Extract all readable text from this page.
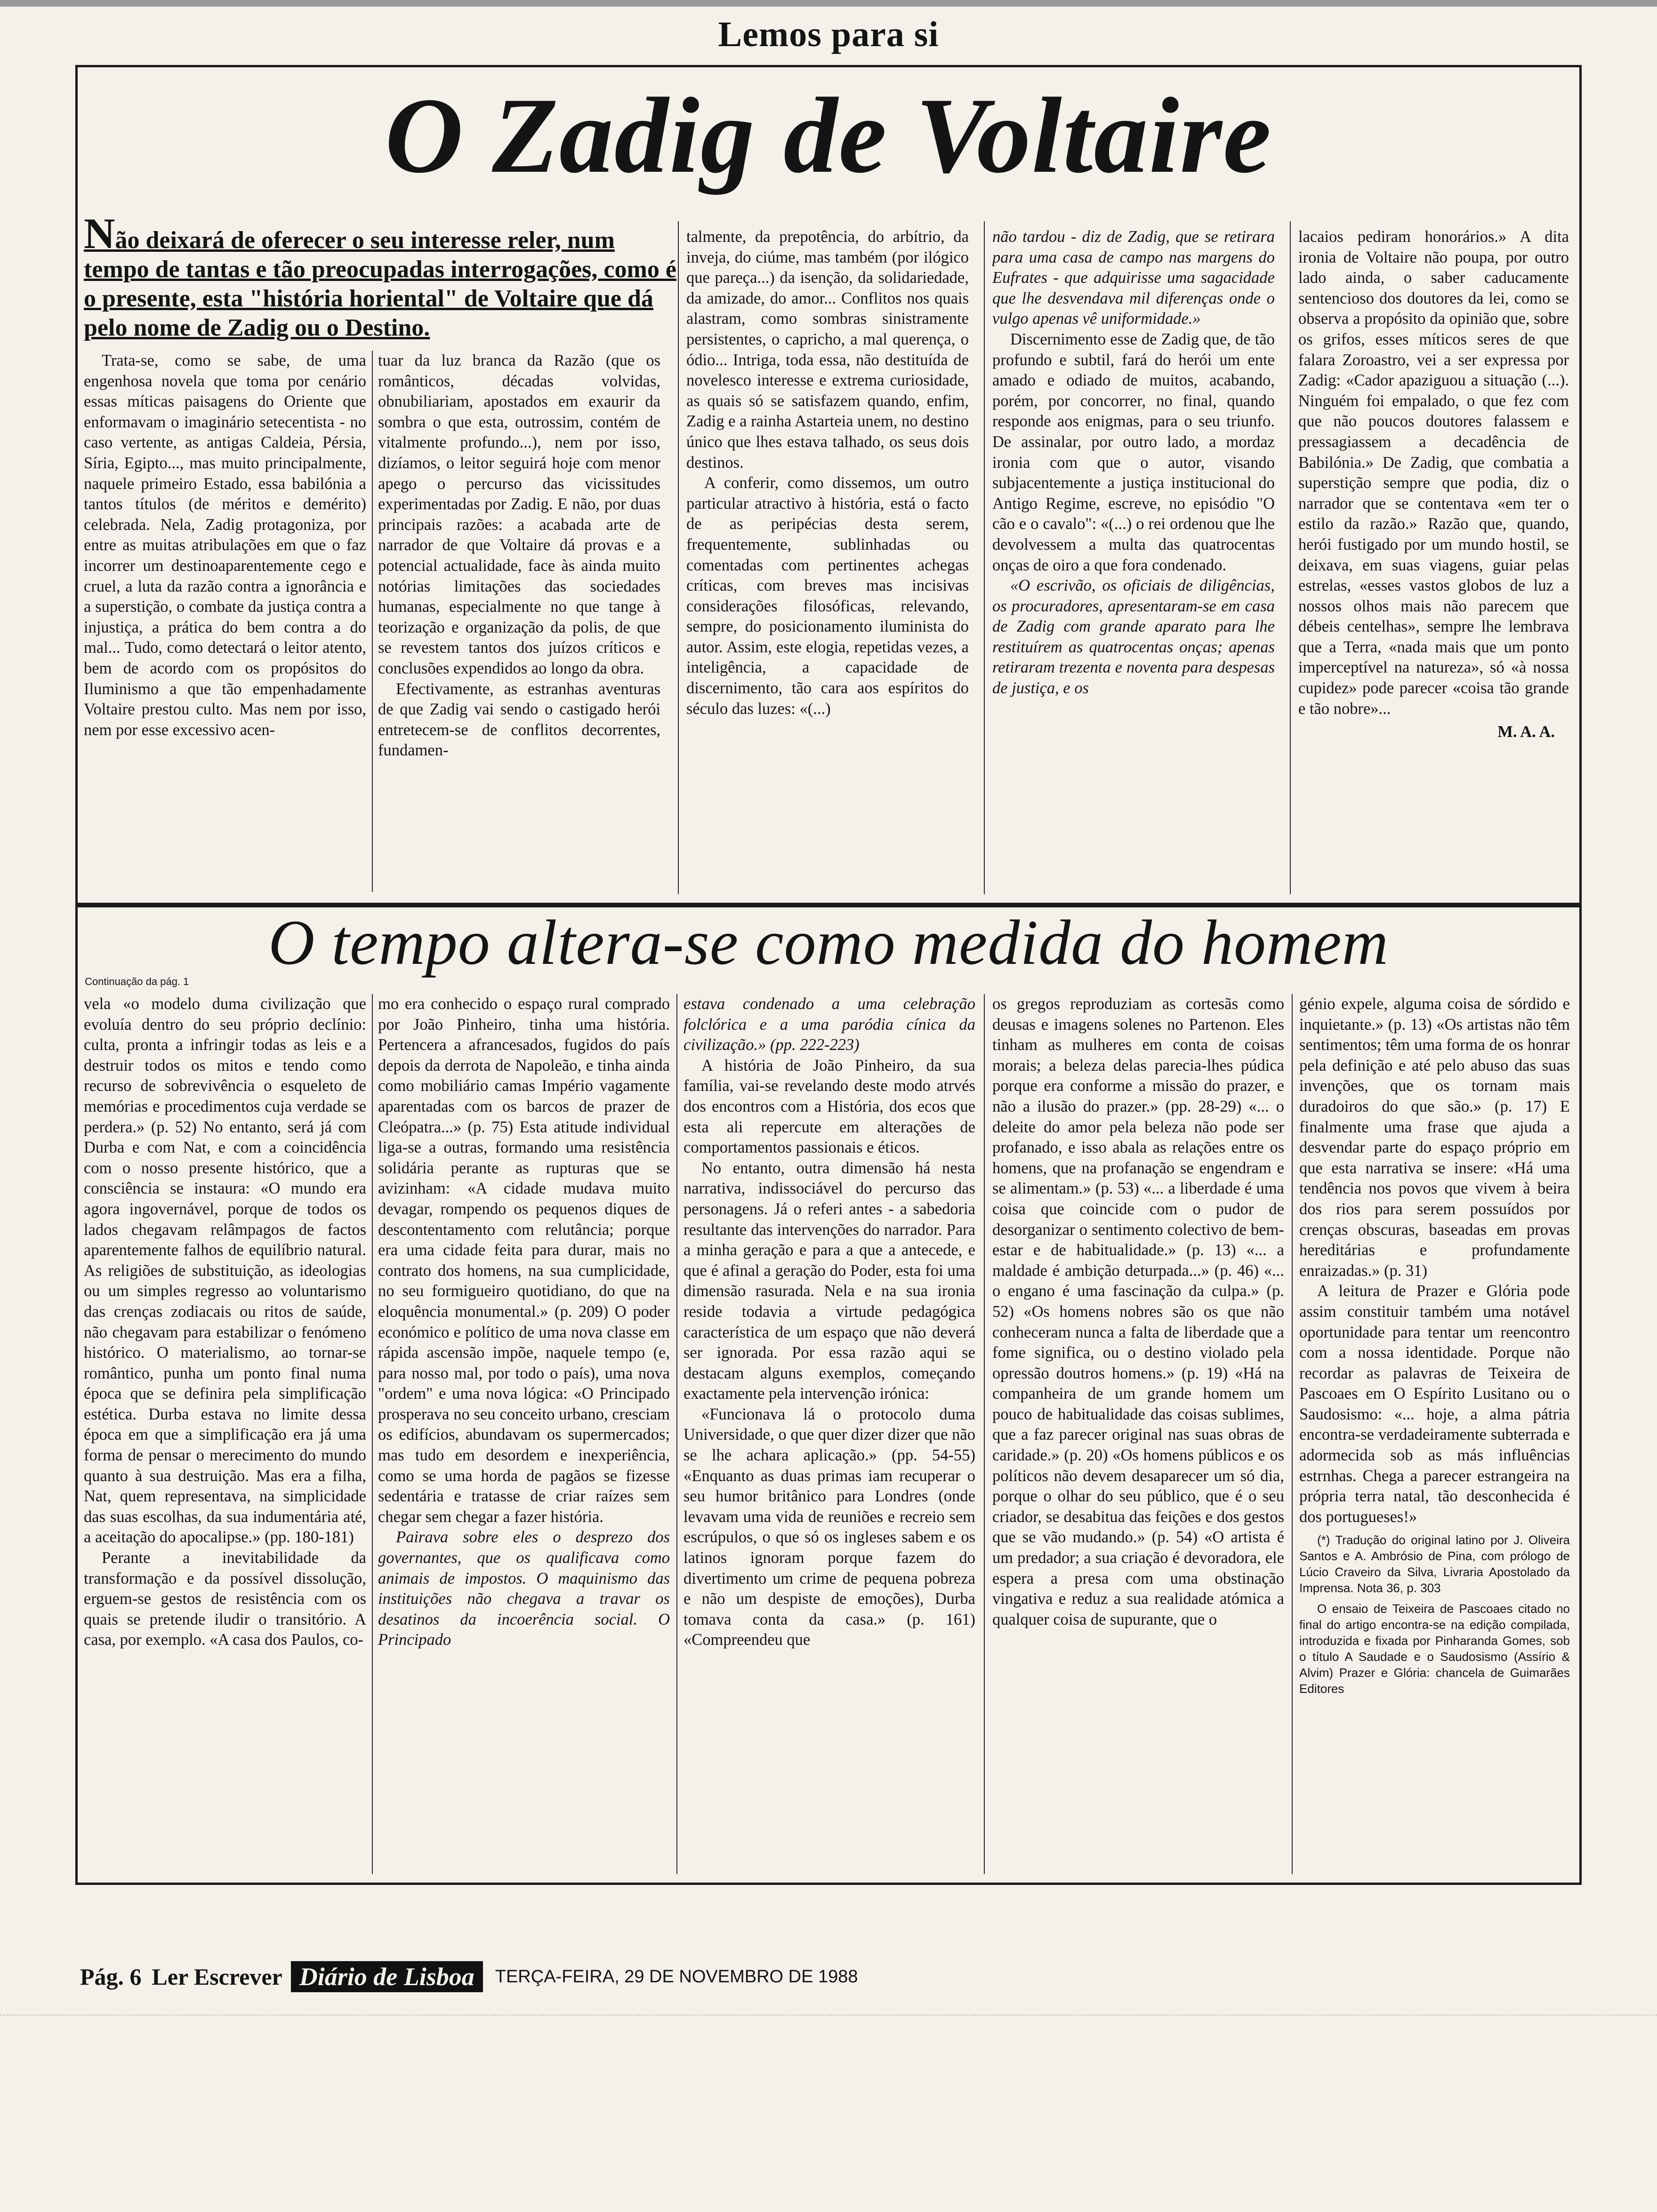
Lemos para si
O Zadig de Voltaire
Não deixará de oferecer o seu interesse reler, num tempo de tantas e tão preocupadas interrogações, como é o presente, esta "história horiental" de Voltaire que dá pelo nome de Zadig ou o Destino.

Trata-se, como se sabe, de uma engenhosa novela que toma por cenário essas míticas paisagens do Oriente que enformavam o imaginário setecentista - no caso vertente, as antigas Caldeia, Pérsia, Síria, Egipto..., mas muito principalmente, naquele primeiro Estado, essa babilónia a tantos títulos (de méritos e demérito) celebrada. Nela, Zadig protagoniza, por entre as muitas atribulações em que o faz incorrer um destinoaparentemente cego e cruel, a luta da razão contra a ignorância e a superstição, o combate da justiça contra a injustiça, a prática do bem contra a do mal... Tudo, como detectará o leitor atento, bem de acordo com os propósitos do Iluminismo a que tão empenhadamente Voltaire prestou culto. Mas nem por isso, nem por esse excessivo acen-

tuar da luz branca da Razão (que os românticos, décadas volvidas, obnubiliariam, apostados em exaurir da sombra o que esta, outrossim, contém de vitalmente profundo...), nem por isso, dizíamos, o leitor seguirá hoje com menor apego o percurso das vicissitudes experimentadas por Zadig. E não, por duas principais razões: a acabada arte de narrador de que Voltaire dá provas e a potencial actualidade, face às ainda muito notórias limitações das sociedades humanas, especialmente no que tange à teorização e organização da polis, de que se revestem tantos dos juízos críticos e conclusões expendidos ao longo da obra.

Efectivamente, as estranhas aventuras de que Zadig vai sendo o castigado herói entretecem-se de conflitos decorrentes, fundamen-

talmente, da prepotência, do arbítrio, da inveja, do ciúme, mas também (por ilógico que pareça...) da isenção, da solidariedade, da amizade, do amor... Conflitos nos quais alastram, como sombras sinistramente persistentes, o capricho, a mal querença, o ódio... Intriga, toda essa, não destituída de novelesco interesse e extrema curiosidade, as quais só se satisfazem quando, enfim, Zadig e a rainha Astarteia unem, no destino único que lhes estava talhado, os seus dois destinos.

A conferir, como dissemos, um outro particular atractivo à história, está o facto de as peripécias desta serem, frequentemente, sublinhadas ou comentadas com pertinentes achegas críticas, com breves mas incisivas considerações filosóficas, relevando, sempre, do posicionamento iluminista do autor. Assim, este elogia, repetidas vezes, a inteligência, a capacidade de discernimento, tão cara aos espíritos do século das luzes: «(...)

não tardou - diz de Zadig, que se retirara para uma casa de campo nas margens do Eufrates - que adquirisse uma sagacidade que lhe desvendava mil diferenças onde o vulgo apenas vê uniformidade.»

Discernimento esse de Zadig que, de tão profundo e subtil, fará do herói um ente amado e odiado de muitos, acabando, porém, por concorrer, no final, quando responde aos enigmas, para o seu triunfo. De assinalar, por outro lado, a mordaz ironia com que o autor, visando subjacentemente a justiça institucional do Antigo Regime, escreve, no episódio "O cão e o cavalo": «(...) o rei ordenou que lhe devolvessem a multa das quatrocentas onças de oiro a que fora condenado.

«O escrivão, os oficiais de diligências, os procuradores, apresentaram-se em casa de Zadig com grande aparato para lhe restituírem as quatrocentas onças; apenas retiraram trezenta e noventa para despesas de justiça, e os

lacaios pediram honorários.» A dita ironia de Voltaire não poupa, por outro lado ainda, o saber caducamente sentencioso dos doutores da lei, como se observa a propósito da opinião que, sobre os grifos, esses míticos seres de que falara Zoroastro, vei a ser expressa por Zadig: «Cador apaziguou a situação (...). Ninguém foi empalado, o que fez com que não poucos doutores falassem e pressagiassem a decadência de Babilónia.» De Zadig, que combatia a superstição sempre que podia, diz o narrador que se contentava «em ter o estilo da razão.» Razão que, quando, herói fustigado por um mundo hostil, se deixava, em suas viagens, guiar pelas estrelas, «esses vastos globos de luz a nossos olhos mais não parecem que débeis centelhas», sempre lhe lembrava que a Terra, «nada mais que um ponto imperceptível na natureza», só «à nossa cupidez» pode parecer «coisa tão grande e tão nobre»...

M. A. A.

O tempo altera-se como medida do homem
Continuação da pág. 1

vela «o modelo duma civilização que evoluía dentro do seu próprio declínio: culta, pronta a infringir todas as leis e a destruir todos os mitos e tendo como recurso de sobrevivência o esqueleto de memórias e procedimentos cuja verdade se perdera.» (p. 52) No entanto, será já com Durba e com Nat, e com a coincidência com o nosso presente histórico, que a consciência se instaura: «O mundo era agora ingovernável, porque de todos os lados chegavam relâmpagos de factos aparentemente falhos de equilíbrio natural. As religiões de substituição, as ideologias ou um simples regresso ao voluntarismo das crenças zodiacais ou ritos de saúde, não chegavam para estabilizar o fenómeno histórico. O materialismo, ao tornar-se romântico, punha um ponto final numa época que se definira pela simplificação estética. Durba estava no limite dessa época em que a simplificação era já uma forma de pensar o merecimento do mundo quanto à sua destruição. Mas era a filha, Nat, quem representava, na simplicidade das suas escolhas, da sua indumentária até, a aceitação do apocalipse.» (pp. 180-181)

Perante a inevitabilidade da transformação e da possível dissolução, erguem-se gestos de resistência com os quais se pretende iludir o transitório. A casa, por exemplo. «A casa dos Paulos, co-

mo era conhecido o espaço rural comprado por João Pinheiro, tinha uma história. Pertencera a afrancesados, fugidos do país depois da derrota de Napoleão, e tinha ainda como mobiliário camas Império vagamente aparentadas com os barcos de prazer de Cleópatra...» (p. 75) Esta atitude individual liga-se a outras, formando uma resistência solidária perante as rupturas que se avizinham: «A cidade mudava muito devagar, rompendo os pequenos diques de descontentamento com relutância; porque era uma cidade feita para durar, mais no contrato dos homens, na sua cumplicidade, no seu formigueiro quotidiano, do que na eloquência monumental.» (p. 209) O poder económico e político de uma nova classe em rápida ascensão impõe, naquele tempo (e, para nosso mal, por todo o país), uma nova "ordem" e uma nova lógica: «O Principado prosperava no seu conceito urbano, cresciam os edifícios, abundavam os supermercados; mas tudo em desordem e inexperiência, como se uma horda de pagãos se fizesse sedentária e tratasse de criar raízes sem chegar sem chegar a fazer história.

Pairava sobre eles o desprezo dos governantes, que os qualificava como animais de impostos. O maquinismo das instituições não chegava a travar os desatinos da incoerência social. O Principado

estava condenado a uma celebração folclórica e a uma paródia cínica da civilização.» (pp. 222-223)

A história de João Pinheiro, da sua família, vai-se revelando deste modo atrvés dos encontros com a História, dos ecos que esta ali repercute em alterações de comportamentos passionais e éticos.

No entanto, outra dimensão há nesta narrativa, indissociável do percurso das personagens. Já o referi antes - a sabedoria resultante das intervenções do narrador. Para a minha geração e para a que a antecede, e que é afinal a geração do Poder, esta foi uma dimensão rasurada. Nela e na sua ironia reside todavia a virtude pedagógica característica de um espaço que não deverá ser ignorada. Por essa razão aqui se destacam alguns exemplos, começando exactamente pela intervenção irónica:

«Funcionava lá o protocolo duma Universidade, o que quer dizer dizer que não se lhe achara aplicação.» (pp. 54-55) «Enquanto as duas primas iam recuperar o seu humor britânico para Londres (onde levavam uma vida de reuniões e recreio sem escrúpulos, o que só os ingleses sabem e os latinos ignoram porque fazem do divertimento um crime de pequena pobreza e não um despiste de emoções), Durba tomava conta da casa.» (p. 161) «Compreendeu que

os gregos reproduziam as cortesãs como deusas e imagens solenes no Partenon. Eles tinham as mulheres em conta de coisas morais; a beleza delas parecia-lhes púdica porque era conforme a missão do prazer, e não a ilusão do prazer.» (pp. 28-29) «... o deleite do amor pela beleza não pode ser profanado, e isso abala as relações entre os homens, que na profanação se engendram e se alimentam.» (p. 53) «... a liberdade é uma coisa que coincide com o pudor de desorganizar o sentimento colectivo de bem-estar e de habitualidade.» (p. 13) «... a maldade é ambição deturpada...» (p. 46) «... o engano é uma fascinação da culpa.» (p. 52) «Os homens nobres são os que não conheceram nunca a falta de liberdade que a fome significa, ou o destino violado pela opressão doutros homens.» (p. 19) «Há na companheira de um grande homem um pouco de habitualidade das coisas sublimes, que a faz parecer original nas suas obras de caridade.» (p. 20) «Os homens públicos e os políticos não devem desaparecer um só dia, porque o olhar do seu público, que é o seu criador, se desabitua das feições e dos gestos que se vão mudando.» (p. 54) «O artista é um predador; a sua criação é devoradora, ele espera a presa com uma obstinação vingativa e reduz a sua realidade atómica a qualquer coisa de supurante, que o

génio expele, alguma coisa de sórdido e inquietante.» (p. 13) «Os artistas não têm sentimentos; têm uma forma de os honrar pela definição e até pelo abuso das suas invenções, que os tornam mais duradoiros do que são.» (p. 17) E finalmente uma frase que ajuda a desvendar parte do espaço próprio em que esta narrativa se insere: «Há uma tendência nos povos que vivem à beira dos rios para serem possuídos por crenças obscuras, baseadas em provas hereditárias e profundamente enraizadas.» (p. 31)

A leitura de Prazer e Glória pode assim constituir também uma notável oportunidade para tentar um reencontro com a nossa identidade. Porque não recordar as palavras de Teixeira de Pascoaes em O Espírito Lusitano ou o Saudosismo: «... hoje, a alma pátria encontra-se verdadeiramente subterrada e adormecida sob as más influências estrnhas. Chega a parecer estrangeira na própria terra natal, tão desconhecida é dos portugueses!»

(*) Tradução do original latino por J. Oliveira Santos e A. Ambrósio de Pina, com prólogo de Lúcio Craveiro da Silva, Livraria Apostolado da Imprensa. Nota 36, p. 303

O ensaio de Teixeira de Pascoaes citado no final do artigo encontra-se na edição compilada, introduzida e fixada por Pinharanda Gomes, sob o título A Saudade e o Saudosismo (Assírio & Alvim) Prazer e Glória: chancela de Guimarães Editores

Pág. 6 Ler Escrever Diário de Lisboa	TERÇA-FEIRA, 29 DE NOVEMBRO DE 1988
